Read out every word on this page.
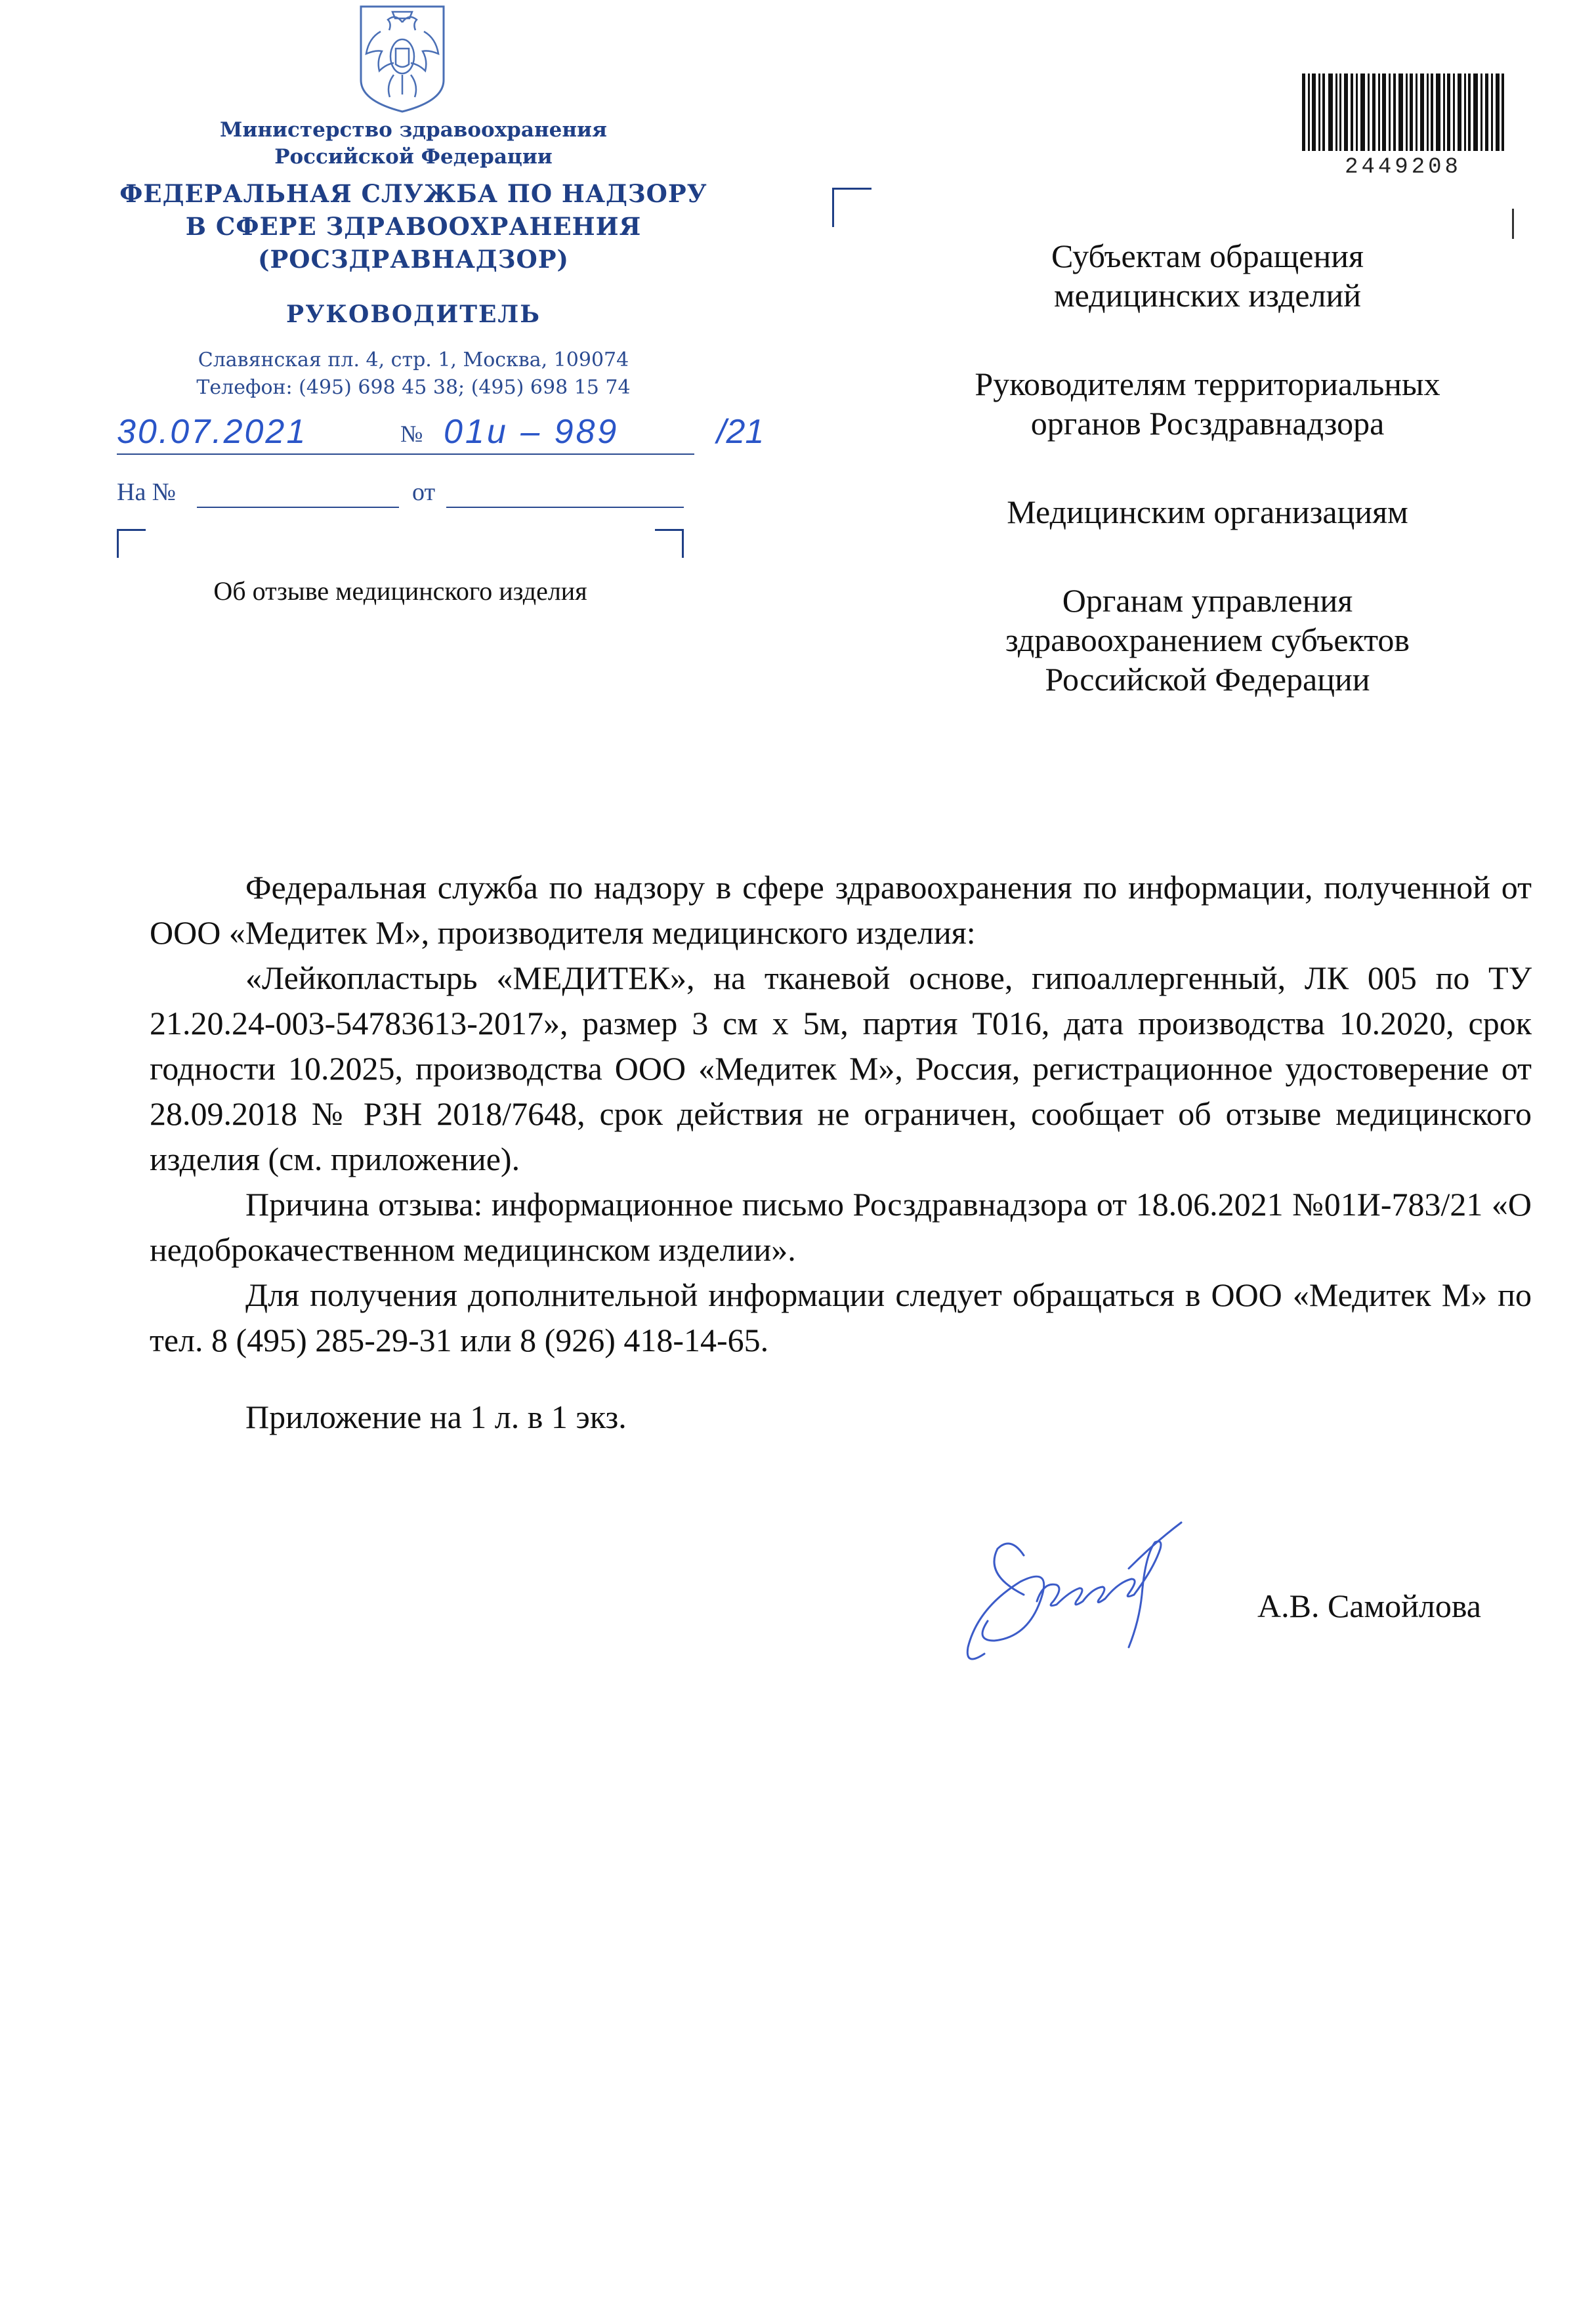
Министерство здравоохранения
Российской Федерации
ФЕДЕРАЛЬНАЯ СЛУЖБА ПО НАДЗОРУ
В СФЕРЕ ЗДРАВООХРАНЕНИЯ
(РОСЗДРАВНАДЗОР)
РУКОВОДИТЕЛЬ
Славянская пл. 4, стр. 1, Москва, 109074
Телефон: (495) 698 45 38; (495) 698 15 74
30.07.2021	№ 01и – 989	/21
На №	от
Об отзыве медицинского изделия
2449208

Субъектам обращения
медицинских изделий

Руководителям территориальных
органов Росздравнадзора

Медицинским организациям

Органам управления
здравоохранением субъектов
Российской Федерации

Федеральная служба по надзору в сфере здравоохранения по информации, полученной от ООО «Медитек М», производителя медицинского изделия:

«Лейкопластырь «МЕДИТЕК», на тканевой основе, гипоаллергенный, ЛК 005 по ТУ 21.20.24-003-54783613-2017», размер 3 см х 5м, партия Т016, дата производства 10.2020, срок годности 10.2025, производства ООО «Медитек М», Россия, регистрационное удостоверение от 28.09.2018 № РЗН 2018/7648, срок действия не ограничен, сообщает об отзыве медицинского изделия (см. приложение).

Причина отзыва: информационное письмо Росздравнадзора от 18.06.2021 №01И-783/21 «О недоброкачественном медицинском изделии».

Для получения дополнительной информации следует обращаться в ООО «Медитек М» по тел. 8 (495) 285-29-31 или 8 (926) 418-14-65.

Приложение на 1 л. в 1 экз.
А.В. Самойлова
